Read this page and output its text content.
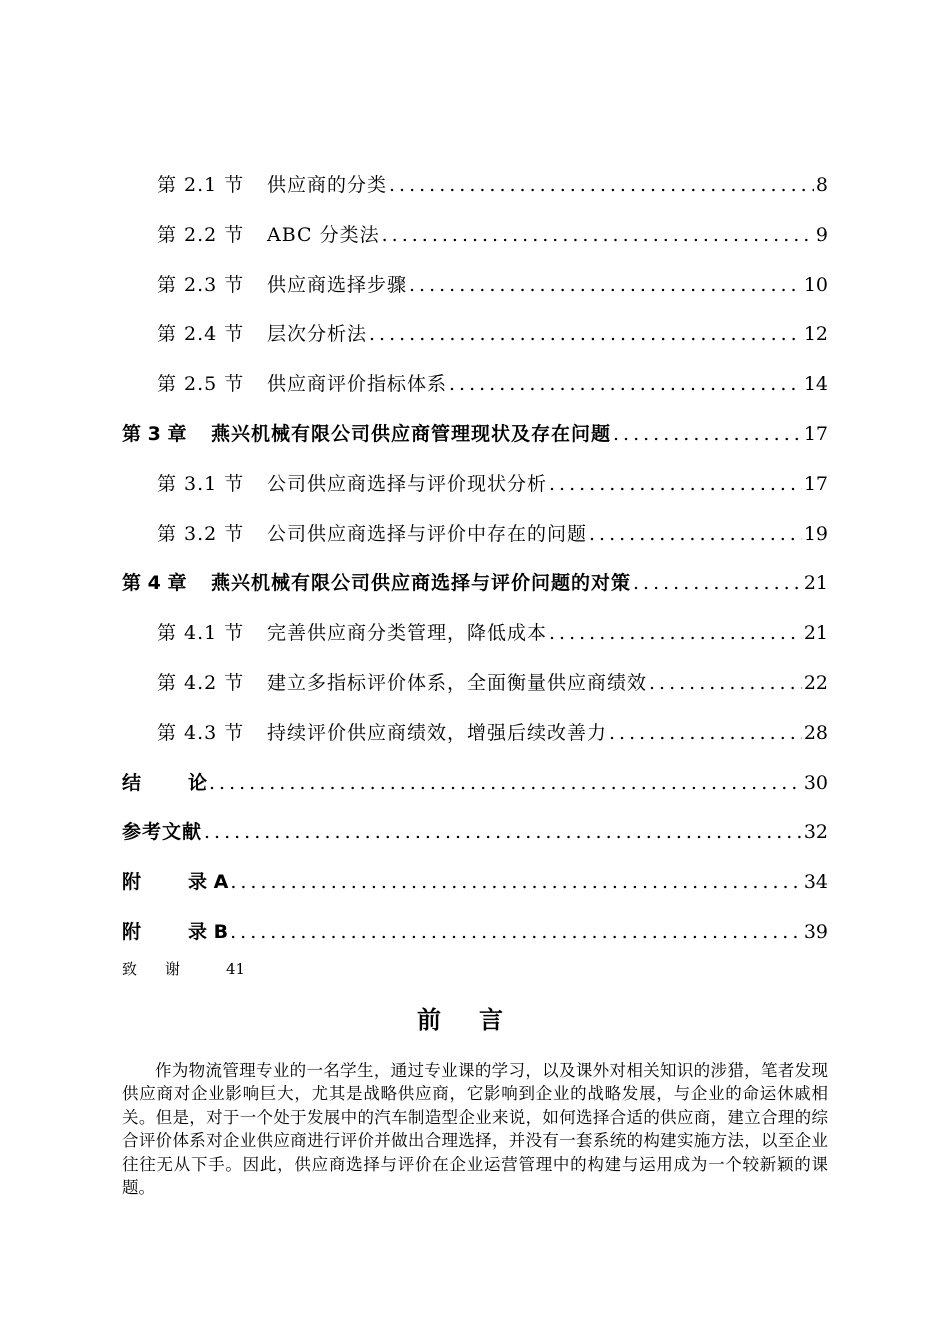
第 2.1 节	供应商的分类 .....	8
第 2.2 节	ABC 分类法 .....	9
第 2.3 节	供应商选择步骤 .....	10
第 2.4 节	层次分析法 .....	12
第 2.5 节	供应商评价指标体系 .....	14
第 3 章	燕兴机械有限公司供应商管理现状及存在问题 .....	17
第 3.1 节	公司供应商选择与评价现状分析 .....	17
第 3.2 节	公司供应商选择与评价中存在的问题 .....	19
第 4 章	燕兴机械有限公司供应商选择与评价问题的对策 .....	21
第 4.1 节	完善供应商分类管理，降低成本 .....	21
第 4.2 节	建立多指标评价体系，全面衡量供应商绩效 .....	22
第 4.3 节	持续评价供应商绩效，增强后续改善力 .....	28
结 论 .....	30
参考文献 .....	32
附 录 A .....	34
附 录 B .....	39
致 谢	41
前言

作为物流管理专业的一名学生，通过专业课的学习，以及课外对相关知识的涉猎，笔者发现供应商对企业影响巨大，尤其是战略供应商，它影响到企业的战略发展，与企业的命运休戚相关。但是，对于一个处于发展中的汽车制造型企业来说，如何选择合适的供应商，建立合理的综合评价体系对企业供应商进行评价并做出合理选择，并没有一套系统的构建实施方法，以至企业往往无从下手。因此，供应商选择与评价在企业运营管理中的构建与运用成为一个较新颖的课题。
